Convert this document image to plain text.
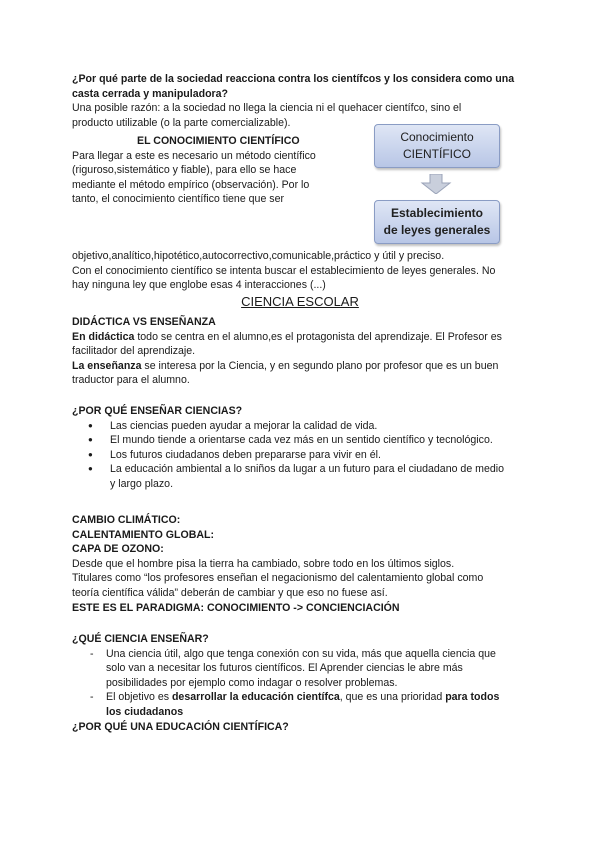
¿Por qué parte de la sociedad reacciona contra los científcos y los considera como una

casta cerrada y manipuladora?

Una posible razón: a la sociedad no llega la ciencia ni el quehacer científco, sino el

producto utilizable (o la parte comercializable).

EL CONOCIMIENTO CIENTÍFICO

Para llegar a este es necesario un método científico

(riguroso,sistemático y fiable), para ello se hace

mediante el método empírico (observación). Por lo

tanto, el conocimiento científico tiene que ser

Conocimiento
CIENTÍFICO
Establecimiento
de leyes generales

objetivo,analítico,hipotético,autocorrectivo,comunicable,práctico y útil y preciso.

Con el conocimiento científico se intenta buscar el establecimiento de leyes generales. No

hay ninguna ley que englobe esas 4 interacciones (...)

CIENCIA ESCOLAR

DIDÁCTICA VS ENSEÑANZA

En didáctica todo se centra en el alumno,es el protagonista del aprendizaje. El Profesor es

facilitador del aprendizaje.

La enseñanza se interesa por la Ciencia, y en segundo plano por profesor que es un buen

traductor para el alumno.

¿POR QUÉ ENSEÑAR CIENCIAS?

● Las ciencias pueden ayudar a mejorar la calidad de vida.
● El mundo tiende a orientarse cada vez más en un sentido científico y tecnológico.
● Los futuros ciudadanos deben prepararse para vivir en él.
● La educación ambiental a lo sniños da lugar a un futuro para el ciudadano de medio
y largo plazo.

CAMBIO CLIMÁTICO:

CALENTAMIENTO GLOBAL:

CAPA DE OZONO:

Desde que el hombre pisa la tierra ha cambiado, sobre todo en los últimos siglos.

Titulares como “los profesores enseñan el negacionismo del calentamiento global como

teoría científica válida” deberán de cambiar y que eso no fuese así.

ESTE ES EL PARADIGMA: CONOCIMIENTO -> CONCIENCIACIÓN

¿QUÉ CIENCIA ENSEÑAR?

- Una ciencia útil, algo que tenga conexión con su vida, más que aquella ciencia que
solo van a necesitar los futuros científicos. El Aprender ciencias le abre más
posibilidades por ejemplo como indagar o resolver problemas.
- El objetivo es desarrollar la educación científca, que es una prioridad para todos
los ciudadanos

¿POR QUÉ UNA EDUCACIÓN CIENTÍFICA?
